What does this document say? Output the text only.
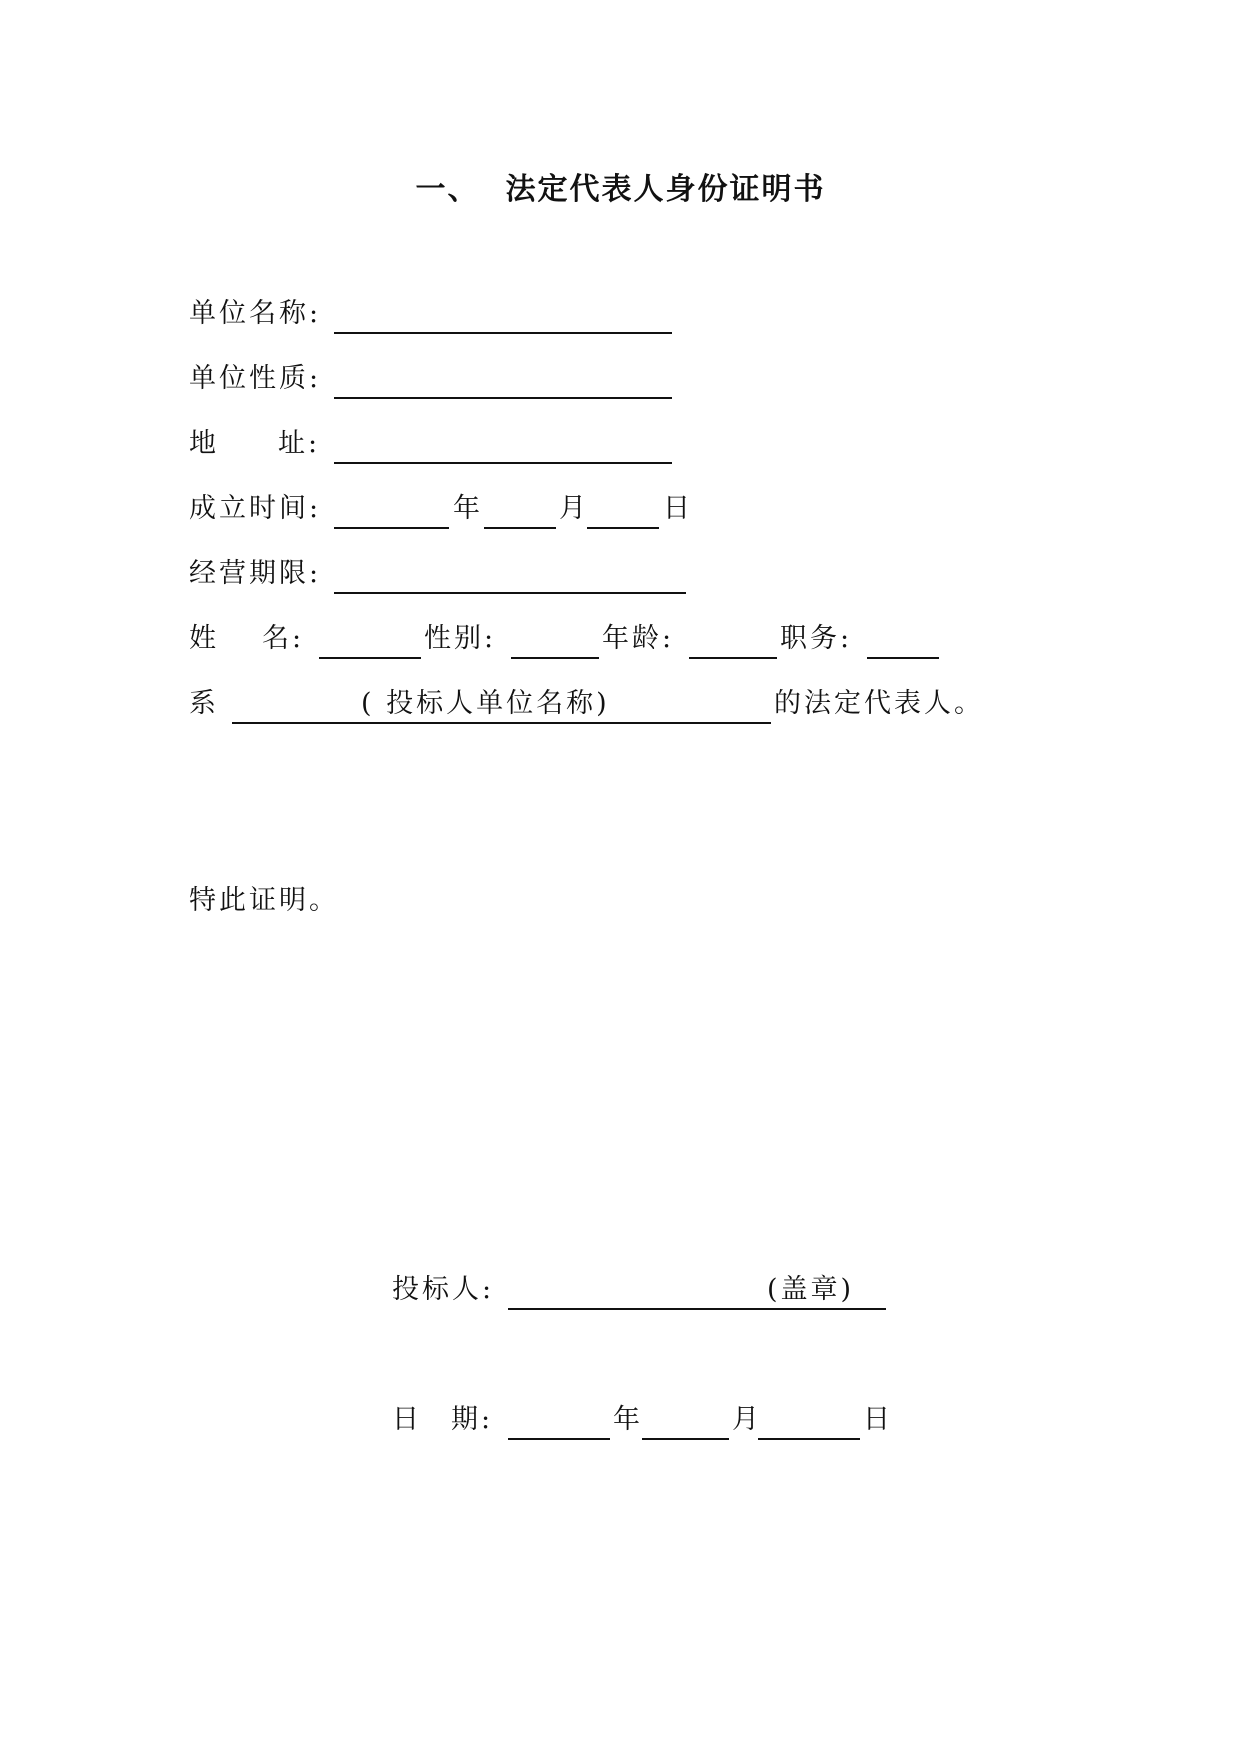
一、 法定代表人身份证明书
单位名称:
单位性质:
地 址:
成立时间:	年	月	日
经营期限:
姓 名:	性别:	年龄:	职务:
系	( 投标人单位名称)	的法定代表人。
特此证明。
投标人:	(盖章)
日 期:	年	月	日
